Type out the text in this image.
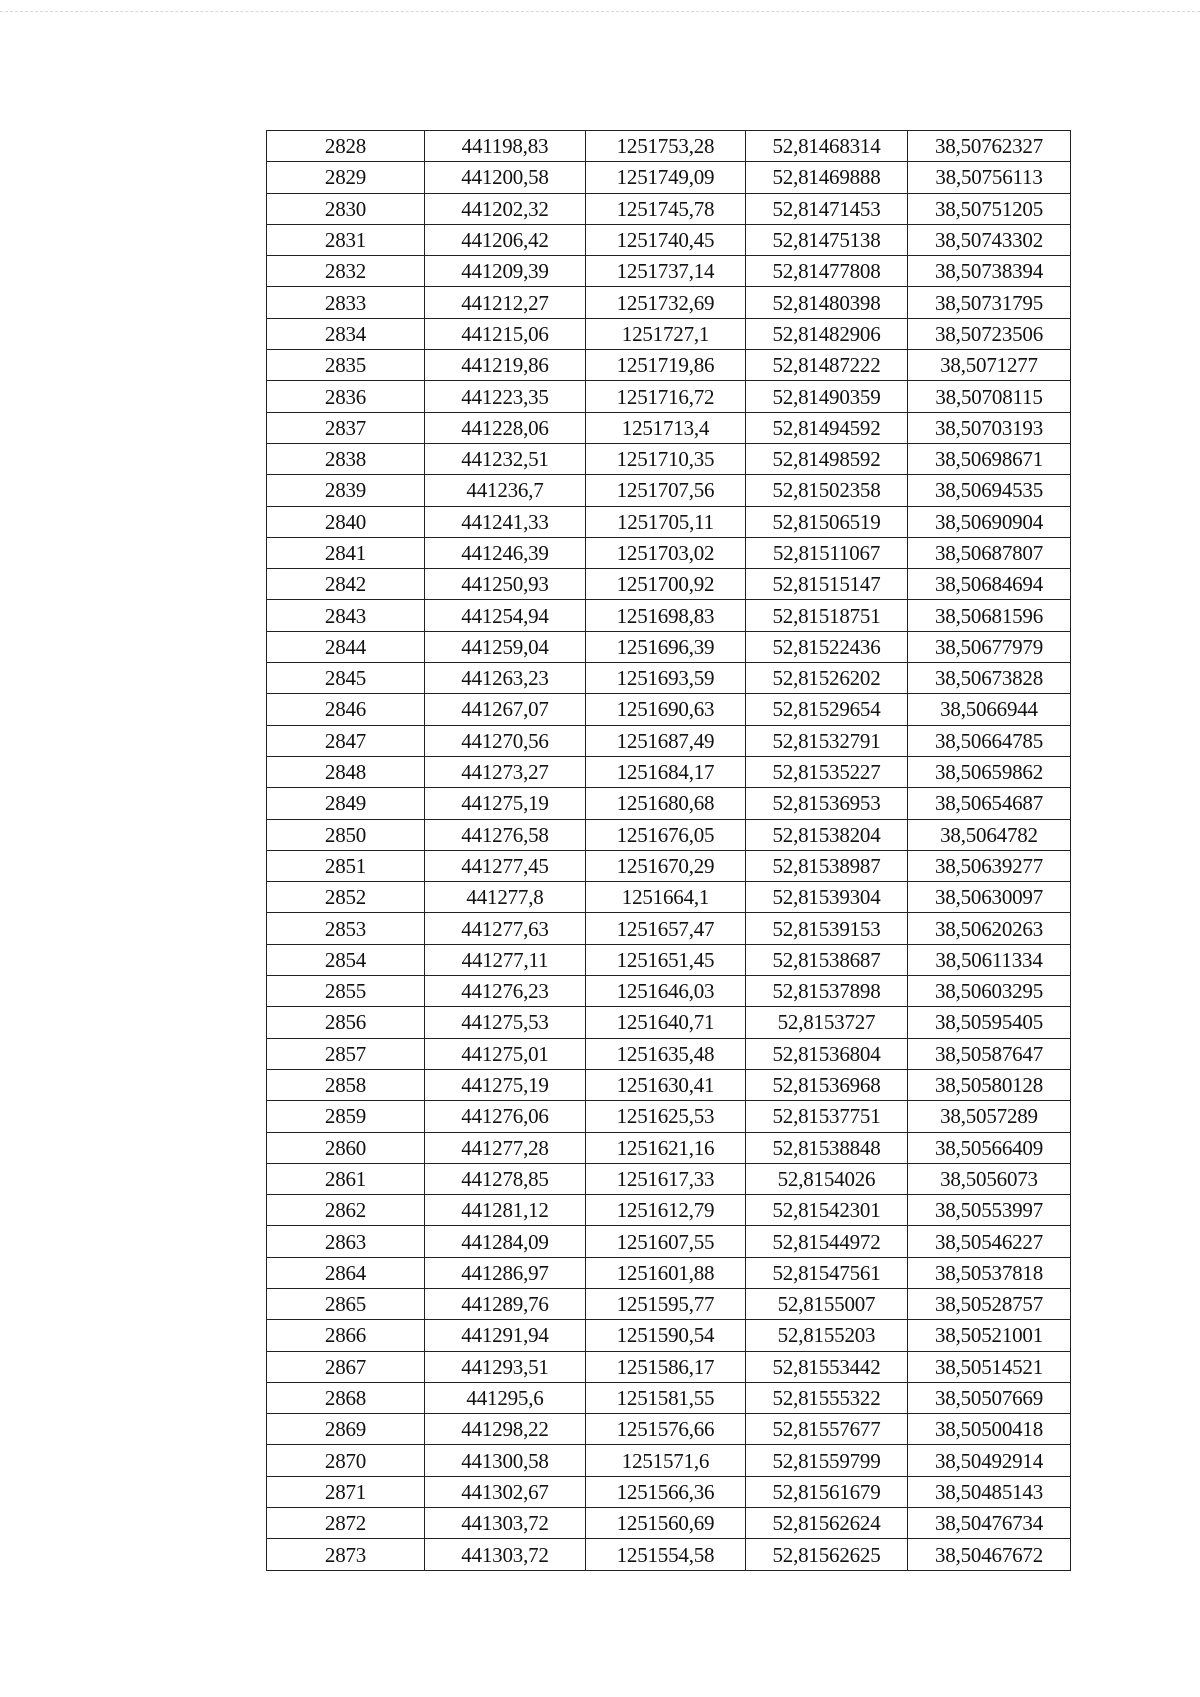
2828	441198,83	1251753,28	52,81468314	38,50762327
2829	441200,58	1251749,09	52,81469888	38,50756113
2830	441202,32	1251745,78	52,81471453	38,50751205
2831	441206,42	1251740,45	52,81475138	38,50743302
2832	441209,39	1251737,14	52,81477808	38,50738394
2833	441212,27	1251732,69	52,81480398	38,50731795
2834	441215,06	1251727,1	52,81482906	38,50723506
2835	441219,86	1251719,86	52,81487222	38,5071277
2836	441223,35	1251716,72	52,81490359	38,50708115
2837	441228,06	1251713,4	52,81494592	38,50703193
2838	441232,51	1251710,35	52,81498592	38,50698671
2839	441236,7	1251707,56	52,81502358	38,50694535
2840	441241,33	1251705,11	52,81506519	38,50690904
2841	441246,39	1251703,02	52,81511067	38,50687807
2842	441250,93	1251700,92	52,81515147	38,50684694
2843	441254,94	1251698,83	52,81518751	38,50681596
2844	441259,04	1251696,39	52,81522436	38,50677979
2845	441263,23	1251693,59	52,81526202	38,50673828
2846	441267,07	1251690,63	52,81529654	38,5066944
2847	441270,56	1251687,49	52,81532791	38,50664785
2848	441273,27	1251684,17	52,81535227	38,50659862
2849	441275,19	1251680,68	52,81536953	38,50654687
2850	441276,58	1251676,05	52,81538204	38,5064782
2851	441277,45	1251670,29	52,81538987	38,50639277
2852	441277,8	1251664,1	52,81539304	38,50630097
2853	441277,63	1251657,47	52,81539153	38,50620263
2854	441277,11	1251651,45	52,81538687	38,50611334
2855	441276,23	1251646,03	52,81537898	38,50603295
2856	441275,53	1251640,71	52,8153727	38,50595405
2857	441275,01	1251635,48	52,81536804	38,50587647
2858	441275,19	1251630,41	52,81536968	38,50580128
2859	441276,06	1251625,53	52,81537751	38,5057289
2860	441277,28	1251621,16	52,81538848	38,50566409
2861	441278,85	1251617,33	52,8154026	38,5056073
2862	441281,12	1251612,79	52,81542301	38,50553997
2863	441284,09	1251607,55	52,81544972	38,50546227
2864	441286,97	1251601,88	52,81547561	38,50537818
2865	441289,76	1251595,77	52,8155007	38,50528757
2866	441291,94	1251590,54	52,8155203	38,50521001
2867	441293,51	1251586,17	52,81553442	38,50514521
2868	441295,6	1251581,55	52,81555322	38,50507669
2869	441298,22	1251576,66	52,81557677	38,50500418
2870	441300,58	1251571,6	52,81559799	38,50492914
2871	441302,67	1251566,36	52,81561679	38,50485143
2872	441303,72	1251560,69	52,81562624	38,50476734
2873	441303,72	1251554,58	52,81562625	38,50467672
